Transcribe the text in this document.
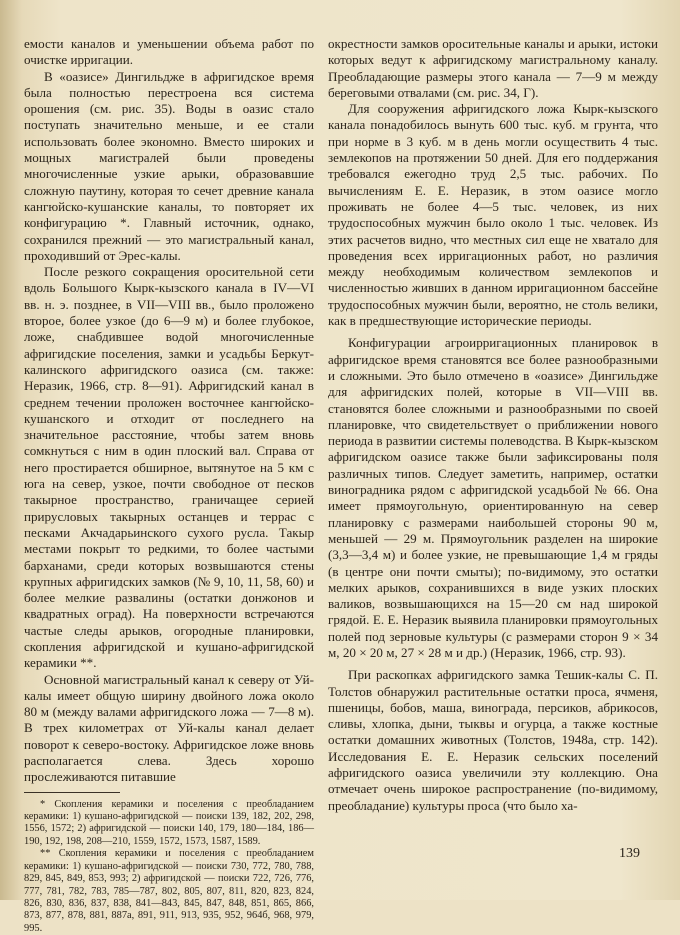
емости каналов и уменьшении объема работ по очистке ирригации.

В «оазисе» Дингильдже в афригидское время была полностью перестроена вся система орошения (см. рис. 35). Воды в оазис стало поступать значительно меньше, и ее стали использовать более экономно. Вместо широких и мощных магистралей были проведены многочисленные узкие арыки, образовавшие сложную паутину, которая то сечет древние канала кангюйско-кушанские каналы, то повторяет их конфигурацию *. Главный источник, однако, сохранился прежний — это магистральный канал, проходивший от Эрес-калы.

После резкого сокращения оросительной сети вдоль Большого Кырк-кызского канала в IV—VI вв. н. э. позднее, в VII—VIII вв., было проложено второе, более узкое (до 6—9 м) и более глубокое, ложе, снабдившее водой многочисленные афригидские поселения, замки и усадьбы Беркут-калинского афригидского оазиса (см. также: Неразик, 1966, стр. 8—91). Афригидский канал в среднем течении проложен восточнее кангюйско-кушанского и отходит от последнего на значительное расстояние, чтобы затем вновь сомкнуться с ним в один плоский вал. Справа от него простирается обширное, вытянутое на 5 км с юга на север, узкое, почти свободное от песков такырное пространство, граничащее серией прирусловых такырных останцев и террас с песками Акчадарьинского сухого русла. Такыр местами покрыт то редкими, то более частыми барханами, среди которых возвышаются стены крупных афригидских замков (№ 9, 10, 11, 58, 60) и более мелкие развалины (остатки донжонов и квадратных оград). На поверхности встречаются частые следы арыков, огородные планировки, скопления афригидской и кушано-афригидской керамики **.

Основной магистральный канал к северу от Уй-калы имеет общую ширину двойного ложа около 80 м (между валами афригидского ложа — 7—8 м). В трех километрах от Уй-калы канал делает поворот к северо-востоку. Афригидское ложе вновь располагается слева. Здесь хорошо прослеживаются питавшие

* Скопления керамики и поселения с преобладанием керамики: 1) кушано-афригидской — поиски 139, 182, 202, 298, 1556, 1572; 2) афригидской — поиски 140, 179, 180—184, 186—190, 192, 198, 208—210, 1559, 1572, 1573, 1587, 1589.

** Скопления керамики и поселения с преобладанием керамики: 1) кушано-афригидской — поиски 730, 772, 780, 788, 829, 845, 849, 853, 993; 2) афригидской — поиски 722, 726, 776, 777, 781, 782, 783, 785—787, 802, 805, 807, 811, 820, 823, 824, 826, 830, 836, 837, 838, 841—843, 845, 847, 848, 851, 865, 866, 873, 877, 878, 881, 887а, 891, 911, 913, 935, 952, 964б, 968, 979, 995.

окрестности замков оросительные каналы и арыки, истоки которых ведут к афригидскому магистральному каналу. Преобладающие размеры этого канала — 7—9 м между береговыми отвалами (см. рис. 34, Г).

Для сооружения афригидского ложа Кырк-кызского канала понадобилось вынуть 600 тыс. куб. м грунта, что при норме в 3 куб. м в день могли осуществить 4 тыс. землекопов на протяжении 50 дней. Для его поддержания требовался ежегодно труд 2,5 тыс. рабочих. По вычислениям Е. Е. Неразик, в этом оазисе могло проживать не более 4—5 тыс. человек, из них трудоспособных мужчин было около 1 тыс. человек. Из этих расчетов видно, что местных сил еще не хватало для проведения всех ирригационных работ, но различия между необходимым количеством землекопов и численностью живших в данном ирригационном бассейне трудоспособных мужчин были, вероятно, не столь велики, как в предшествующие исторические периоды.

Конфигурации агроирригационных планировок в афригидское время становятся все более разнообразными и сложными. Это было отмечено в «оазисе» Дингильдже для афригидских полей, которые в VII—VIII вв. становятся более сложными и разнообразными по своей планировке, что свидетельствует о приближении нового периода в развитии системы полеводства. В Кырк-кызском афригидском оазисе также были зафиксированы поля различных типов. Следует заметить, например, остатки виноградника рядом с афригидской усадьбой № 66. Она имеет прямоугольную, ориентированную на север планировку с размерами наибольшей стороны 90 м, меньшей — 29 м. Прямоугольник разделен на широкие (3,3—3,4 м) и более узкие, не превышающие 1,4 м гряды (в центре они почти смыты); по-видимому, это остатки мелких арыков, сохранившихся в виде узких плоских валиков, возвышающихся на 15—20 см над широкой грядой. Е. Е. Неразик выявила планировки прямоугольных полей под зерновые культуры (с размерами сторон 9 × 34 м, 20 × 20 м, 27 × 28 м и др.) (Неразик, 1966, стр. 93).

При раскопках афригидского замка Тешик-калы С. П. Толстов обнаружил растительные остатки проса, ячменя, пшеницы, бобов, маша, винограда, персиков, абрикосов, сливы, хлопка, дыни, тыквы и огурца, а также костные остатки домашних животных (Толстов, 1948а, стр. 142). Исследования Е. Е. Неразик сельских поселений афригидского оазиса увеличили эту коллекцию. Она отмечает очень широкое распространение (по-видимому, преобладание) культуры проса (что было ха-

139
